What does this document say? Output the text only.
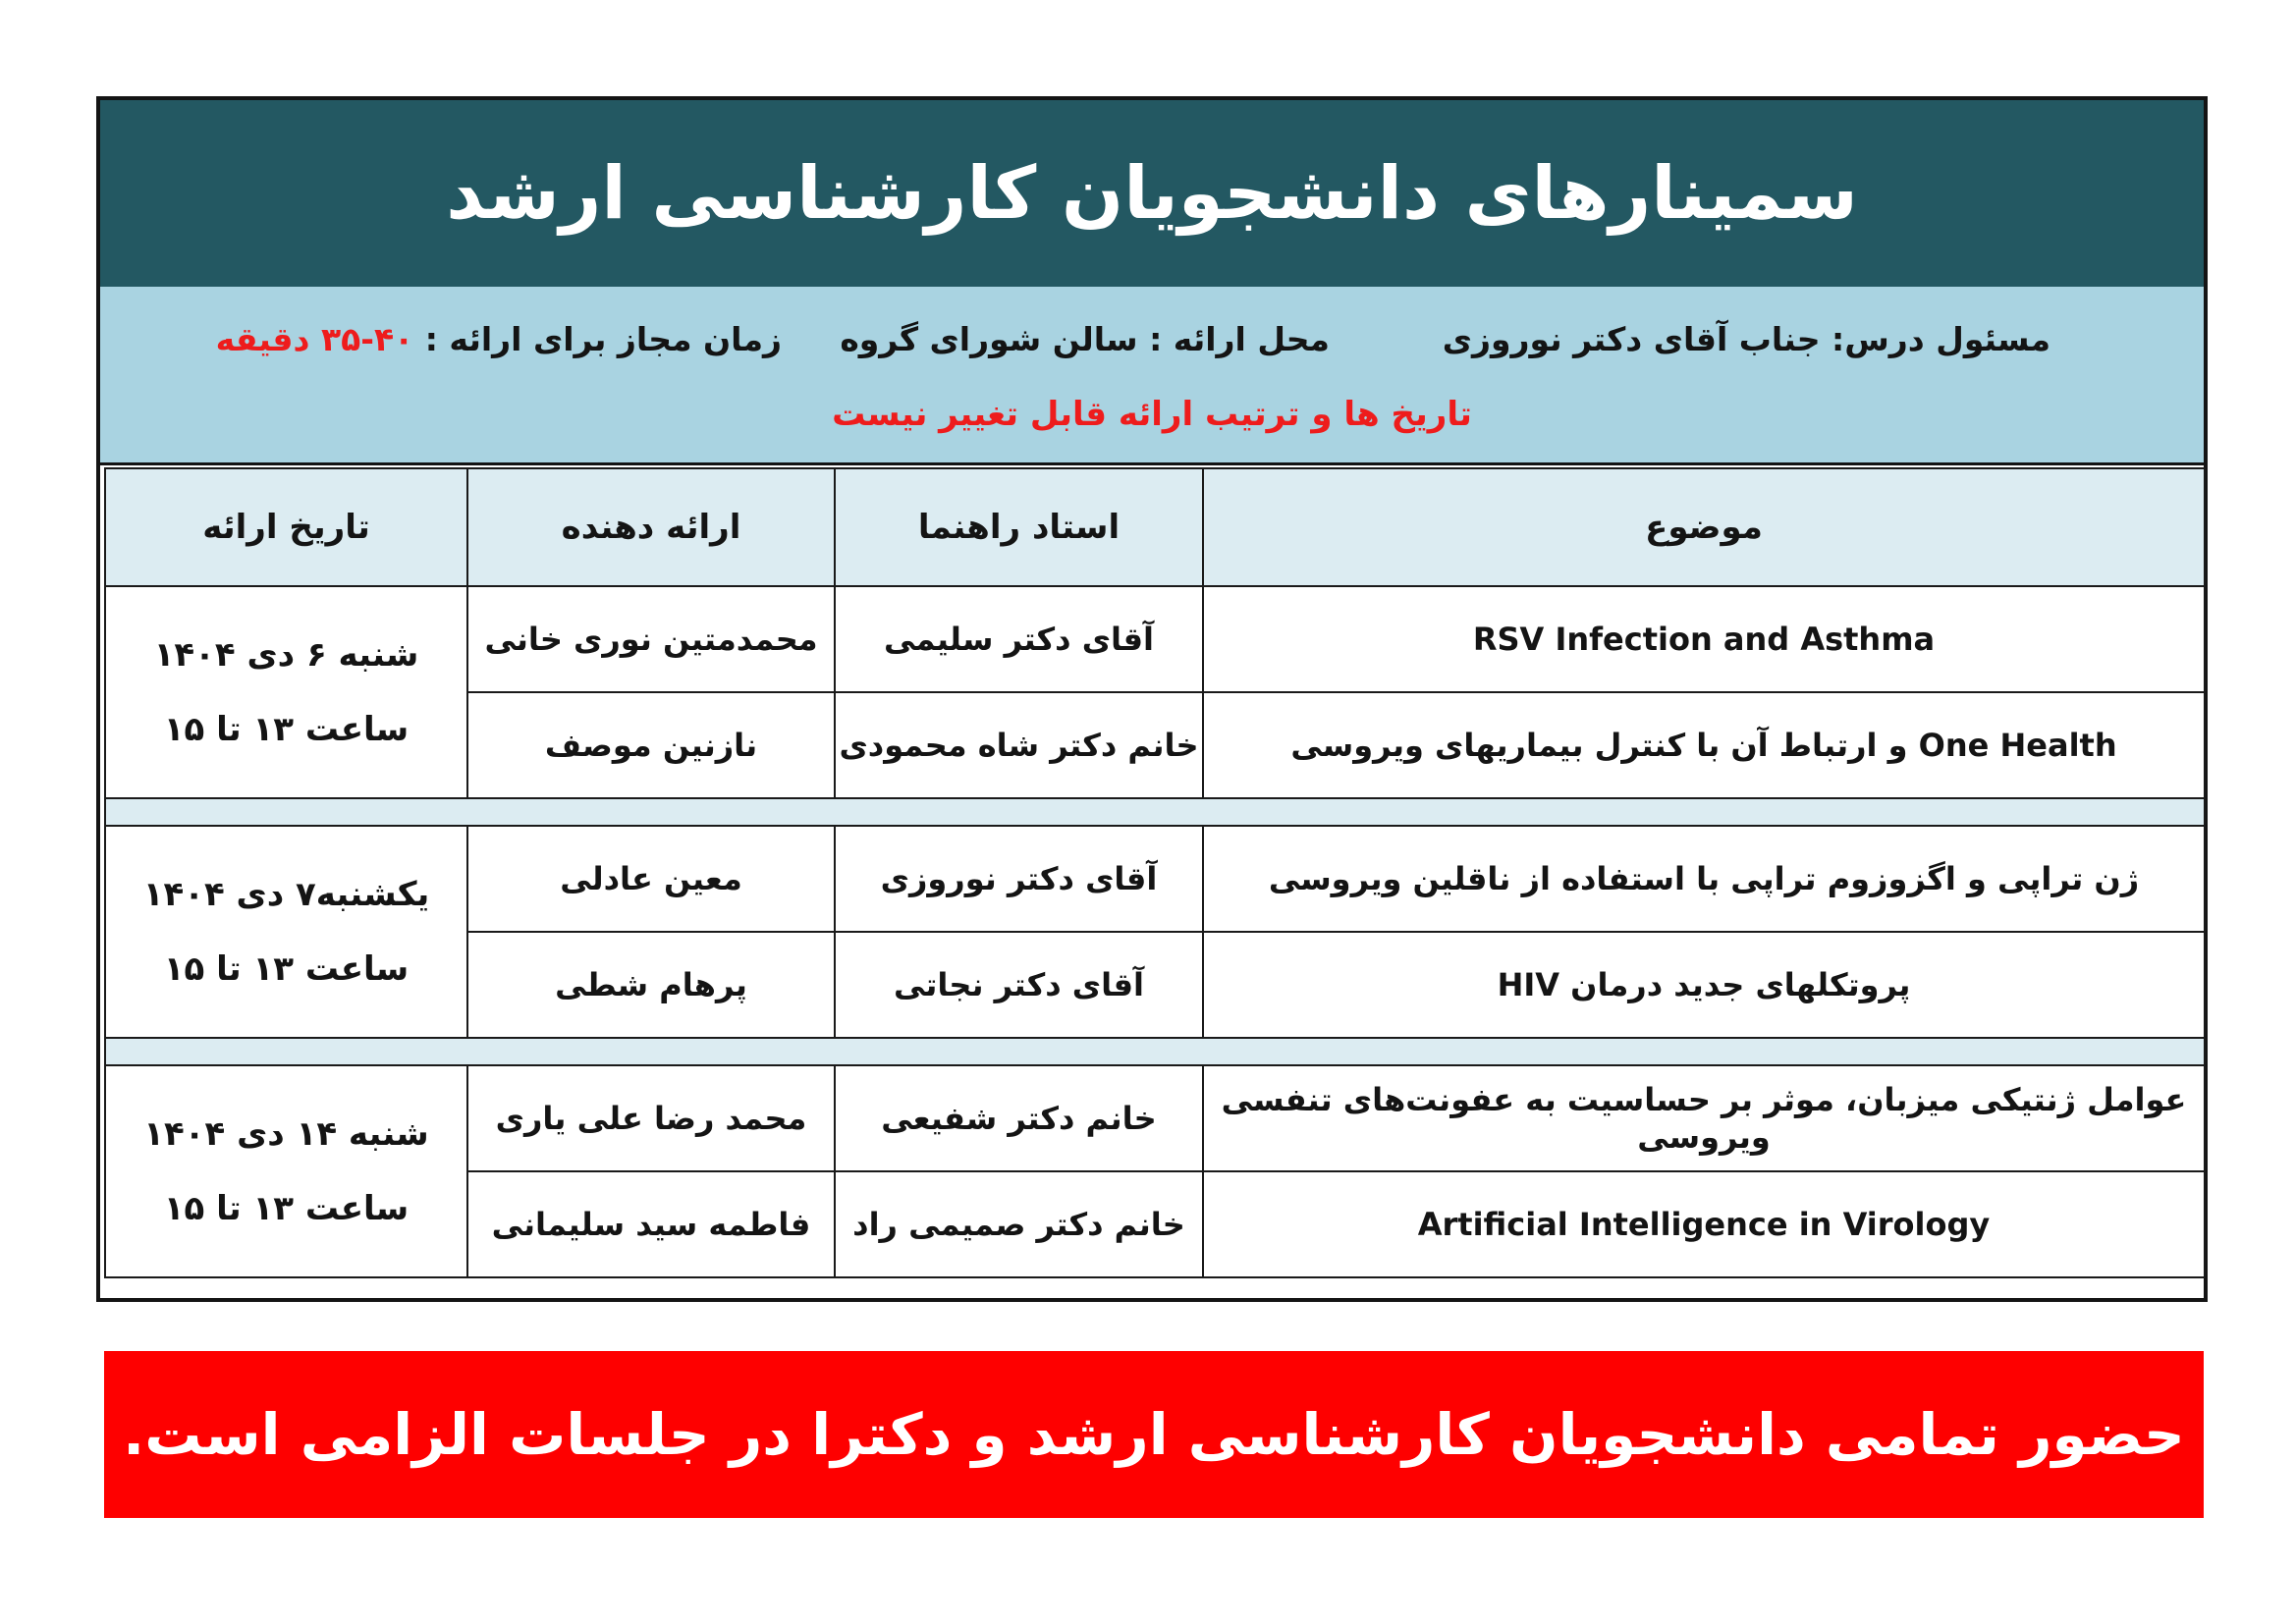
سمینارهای دانشجویان کارشناسی ارشد
مسئول درس: جناب آقای دکتر نوروزی
محل ارائه : سالن شورای گروه
زمان مجاز برای ارائه : ۴۰-۳۵ دقیقه
تاریخ ها و ترتیب ارائه قابل تغییر نیست
موضوع	استاد راهنما	ارائه دهنده	تاریخ ارائه
RSV Infection and Asthma	آقای دکتر سلیمی	محمدمتین نوری خانی	شنبه ۶ دی ۱۴۰۴
ساعت ۱۳ تا ۱۵

One Health و ارتباط آن با کنترل بیماریهای ویروسی	خانم دکتر شاه محمودی	نازنین موصف	

ژن تراپی و اگزوزوم تراپی با استفاده از ناقلین ویروسی	آقای دکتر نوروزی	معین عادلی	یکشنبه۷ دی ۱۴۰۴
ساعت ۱۳ تا ۱۵

پروتکلهای جدید درمان HIV	آقای دکتر نجاتی	پرهام شطی	

عوامل ژنتیکی میزبان، موثر بر حساسیت به عفونت‌های تنفسی ویروسی	خانم دکتر شفیعی	محمد رضا علی یاری	شنبه ۱۴ دی ۱۴۰۴
ساعت ۱۳ تا ۱۵

Artificial Intelligence in Virology	خانم دکتر صمیمی راد	فاطمه سید سلیمانی	
حضور تمامی دانشجویان کارشناسی ارشد و دکترا در جلسات الزامی است.
